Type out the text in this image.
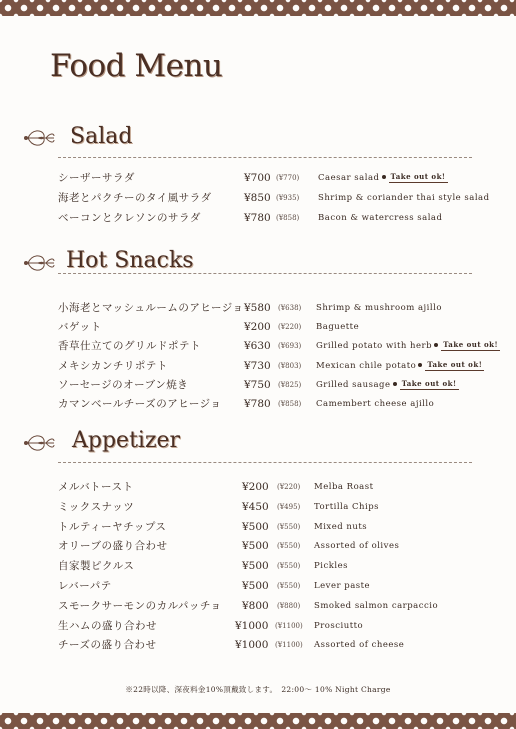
Food Menu
Salad
Hot Snacks
Appetizer
シーザーサラダ	¥700 (¥770) Caesar salad Take out ok!
海老とパクチーのタイ風サラダ	¥850 (¥935) Shrimp & coriander thai style salad
ベーコンとクレソンのサラダ	¥780 (¥858) Bacon & watercress salad
小海老とマッシュルームのアヒージョ ¥580 (¥638) Shrimp & mushroom ajillo
バゲット	¥200 (¥220) Baguette
香草仕立てのグリルドポテト	¥630 (¥693) Grilled potato with herb Take out ok!
メキシカンチリポテト	¥730 (¥803) Mexican chile potato Take out ok!
ソーセージのオーブン焼き	¥750 (¥825) Grilled sausage Take out ok!
カマンベールチーズのアヒージョ ¥780 (¥858) Camembert cheese ajillo
メルバトースト	¥200 (¥220) Melba Roast
ミックスナッツ	¥450 (¥495) Tortilla Chips
トルティーヤチップス	¥500 (¥550) Mixed nuts
オリーブの盛り合わせ	¥500 (¥550) Assorted of olives
自家製ピクルス	¥500 (¥550) Pickles
レバーパテ	¥500 (¥550) Lever paste
スモークサーモンのカルパッチョ ¥800 (¥880) Smoked salmon carpaccio
生ハムの盛り合わせ	¥1000 (¥1100) Prosciutto
チーズの盛り合わせ	¥1000 (¥1100) Assorted of cheese
※22時以降、深夜料金10%頂戴致します。　22:00～ 10% Night Charge
